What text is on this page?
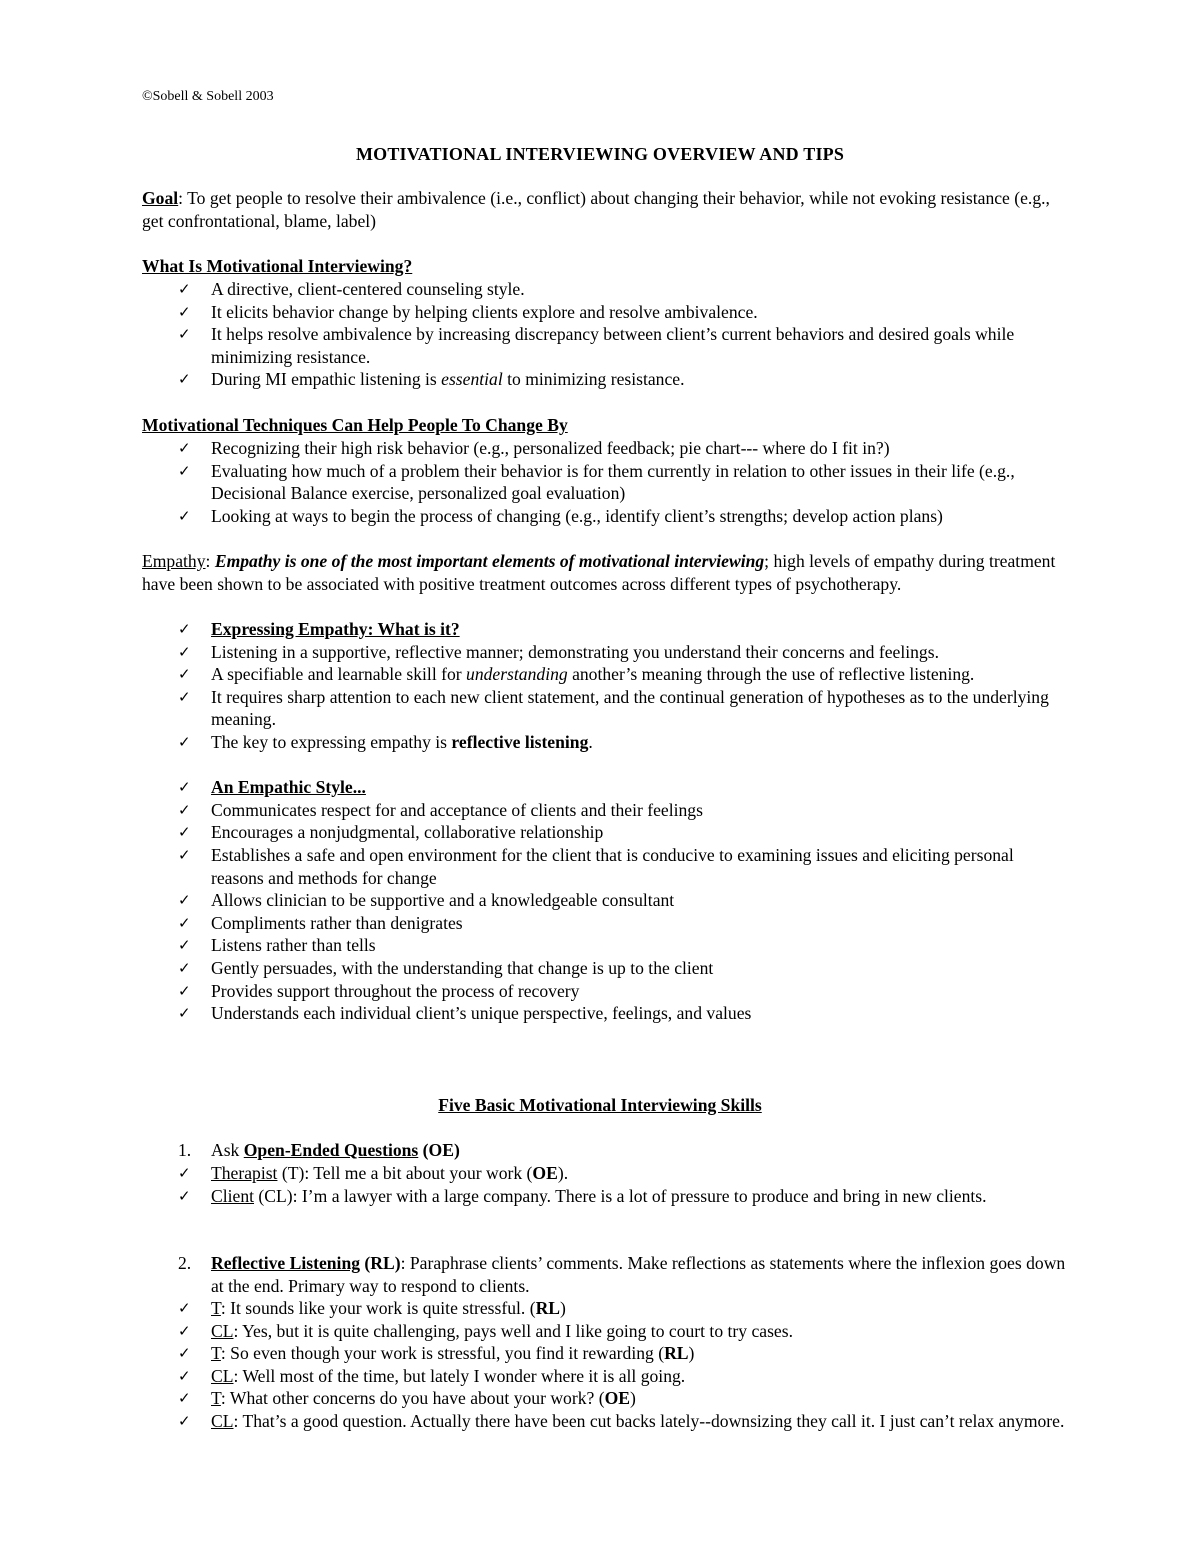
©Sobell & Sobell 2003
MOTIVATIONAL INTERVIEWING OVERVIEW AND TIPS
Goal: To get people to resolve their ambivalence (i.e., conflict) about changing their behavior, while not evoking resistance (e.g., get confrontational, blame, label)
What Is Motivational Interviewing?
✓	A directive, client-centered counseling style.
✓	It elicits behavior change by helping clients explore and resolve ambivalence.
✓	It helps resolve ambivalence by increasing discrepancy between client’s current behaviors and desired goals while minimizing resistance.
✓	During MI empathic listening is essential to minimizing resistance.
Motivational Techniques Can Help People To Change By
✓	Recognizing their high risk behavior (e.g., personalized feedback; pie chart--- where do I fit in?)
✓	Evaluating how much of a problem their behavior is for them currently in relation to other issues in their life (e.g., Decisional Balance exercise, personalized goal evaluation)
✓	Looking at ways to begin the process of changing (e.g., identify client’s strengths; develop action plans)
Empathy: Empathy is one of the most important elements of motivational interviewing; high levels of empathy during treatment have been shown to be associated with positive treatment outcomes across different types of psychotherapy.
✓	Expressing Empathy: What is it?
✓	Listening in a supportive, reflective manner; demonstrating you understand their concerns and feelings.
✓	A specifiable and learnable skill for understanding another’s meaning through the use of reflective listening.
✓	It requires sharp attention to each new client statement, and the continual generation of hypotheses as to the underlying meaning.
✓	The key to expressing empathy is reflective listening.
✓	An Empathic Style...
✓	Communicates respect for and acceptance of clients and their feelings
✓	Encourages a nonjudgmental, collaborative relationship
✓	Establishes a safe and open environment for the client that is conducive to examining issues and eliciting personal reasons and methods for change
✓	Allows clinician to be supportive and a knowledgeable consultant
✓	Compliments rather than denigrates
✓	Listens rather than tells
✓	Gently persuades, with the understanding that change is up to the client
✓	Provides support throughout the process of recovery
✓	Understands each individual client’s unique perspective, feelings, and values
Five Basic Motivational Interviewing Skills
1. Ask Open-Ended Questions (OE)
✓	Therapist (T): Tell me a bit about your work (OE).
✓	Client (CL): I’m a lawyer with a large company. There is a lot of pressure to produce and bring in new clients.
2. Reflective Listening (RL): Paraphrase clients’ comments. Make reflections as statements where the inflexion goes down at the end. Primary way to respond to clients.
✓	T: It sounds like your work is quite stressful. (RL)
✓	CL: Yes, but it is quite challenging, pays well and I like going to court to try cases.
✓	T: So even though your work is stressful, you find it rewarding (RL)
✓	CL: Well most of the time, but lately I wonder where it is all going.
✓	T: What other concerns do you have about your work? (OE)
✓	CL: That’s a good question. Actually there have been cut backs lately--downsizing they call it. I just can’t relax anymore.
